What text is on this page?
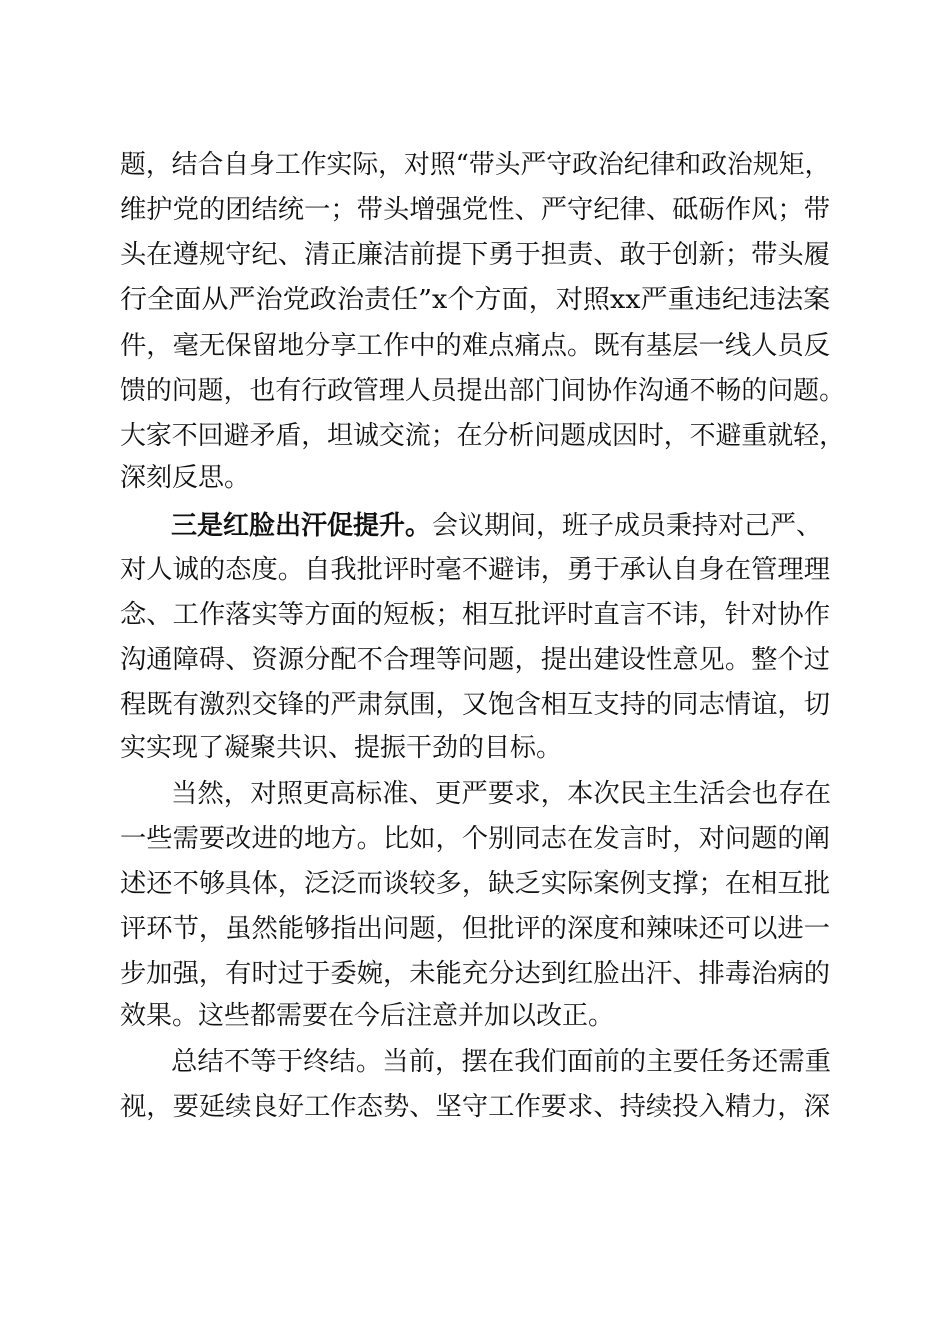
题，结合自身工作实际，对照“带头严守政治纪律和政治规矩，
维护党的团结统一；带头增强党性、严守纪律、砥砺作风；带
头在遵规守纪、清正廉洁前提下勇于担责、敢于创新；带头履
行全面从严治党政治责任”x个方面，对照xx严重违纪违法案
件，毫无保留地分享工作中的难点痛点。既有基层一线人员反
馈的问题，也有行政管理人员提出部门间协作沟通不畅的问题。
大家不回避矛盾，坦诚交流；在分析问题成因时，不避重就轻，
深刻反思。
三是红脸出汗促提升。 会议期间，班子成员秉持对己严、
对人诚的态度。自我批评时毫不避讳，勇于承认自身在管理理
念、工作落实等方面的短板；相互批评时直言不讳，针对协作
沟通障碍、资源分配不合理等问题，提出建设性意见。整个过
程既有激烈交锋的严肃氛围，又饱含相互支持的同志情谊，切
实实现了凝聚共识、提振干劲的目标。
当然，对照更高标准、更严要求，本次民主生活会也存在
一些需要改进的地方。比如，个别同志在发言时，对问题的阐
述还不够具体，泛泛而谈较多，缺乏实际案例支撑；在相互批
评环节，虽然能够指出问题，但批评的深度和辣味还可以进一
步加强，有时过于委婉，未能充分达到红脸出汗、排毒治病的
效果。这些都需要在今后注意并加以改正。
总结不等于终结。当前，摆在我们面前的主要任务还需重
视，要延续良好工作态势、坚守工作要求、持续投入精力，深
